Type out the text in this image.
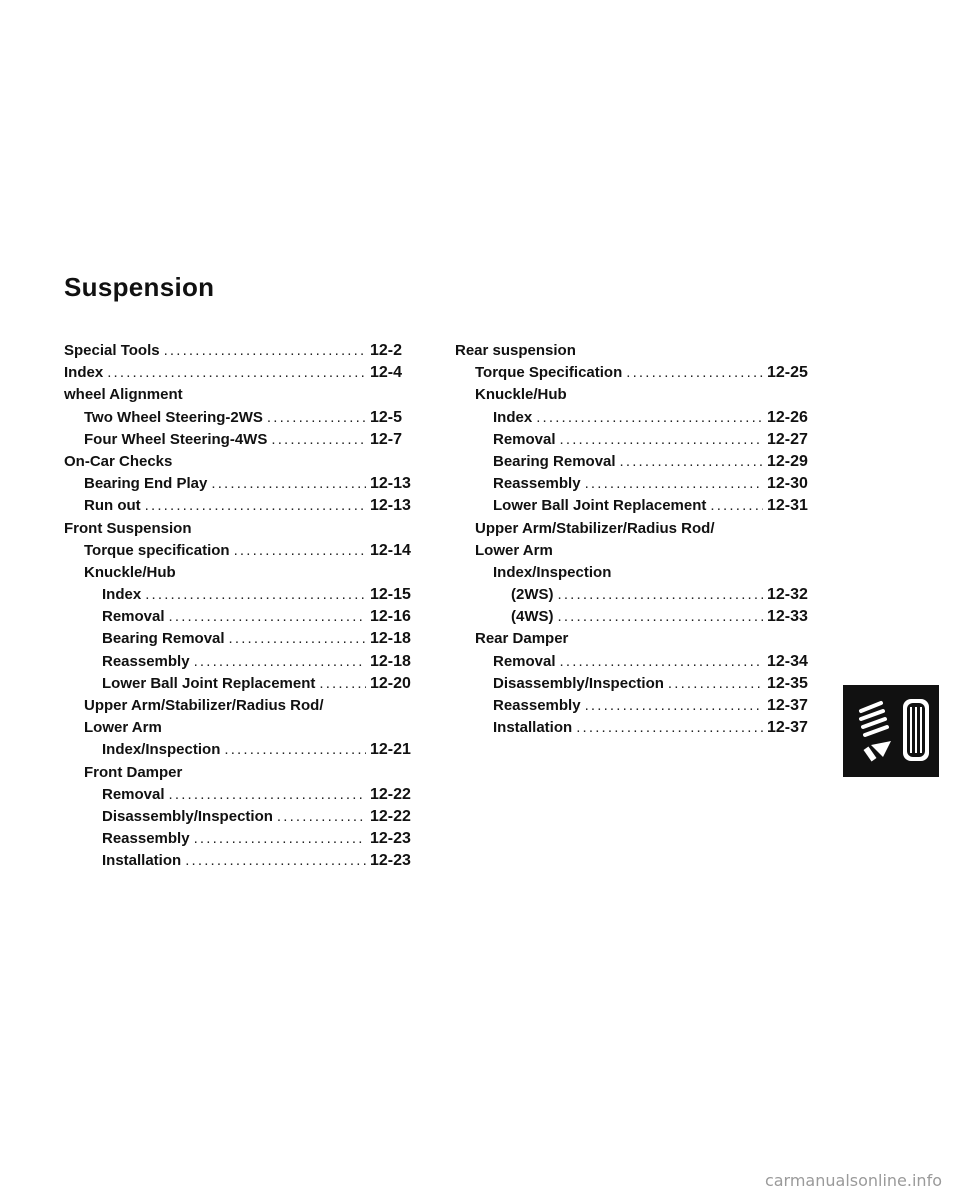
Suspension
Special Tools . . .	12-2
Index . . .	12-4
wheel Alignment
Two Wheel Steering-2WS . . .	12-5
Four Wheel Steering-4WS . . .	12-7
On-Car Checks
Bearing End Play . . .	12-13
Run out . . .	12-13
Front Suspension
Torque specification . . .	12-14
Knuckle/Hub
Index . . .	12-15
Removal . . .	12-16
Bearing Removal . . .	12-18
Reassembly . . .	12-18
Lower Ball Joint Replacement . . .	12-20
Upper Arm/Stabilizer/Radius Rod/
Lower Arm
Index/Inspection . . .	12-21
Front Damper
Removal . . .	12-22
Disassembly/Inspection . . .	12-22
Reassembly . . .	12-23
Installation . . .	12-23
Rear suspension
Torque Specification . . .	12-25
Knuckle/Hub
Index . . .	12-26
Removal . . .	12-27
Bearing Removal . . .	12-29
Reassembly . . .	12-30
Lower Ball Joint Replacement . . .	12-31
Upper Arm/Stabilizer/Radius Rod/
Lower Arm
Index/Inspection
(2WS) . . .	12-32
(4WS) . . .	12-33
Rear Damper
Removal . . .	12-34
Disassembly/Inspection . . .	12-35
Reassembly . . .	12-37
Installation . . .	12-37
carmanualsonline.info
